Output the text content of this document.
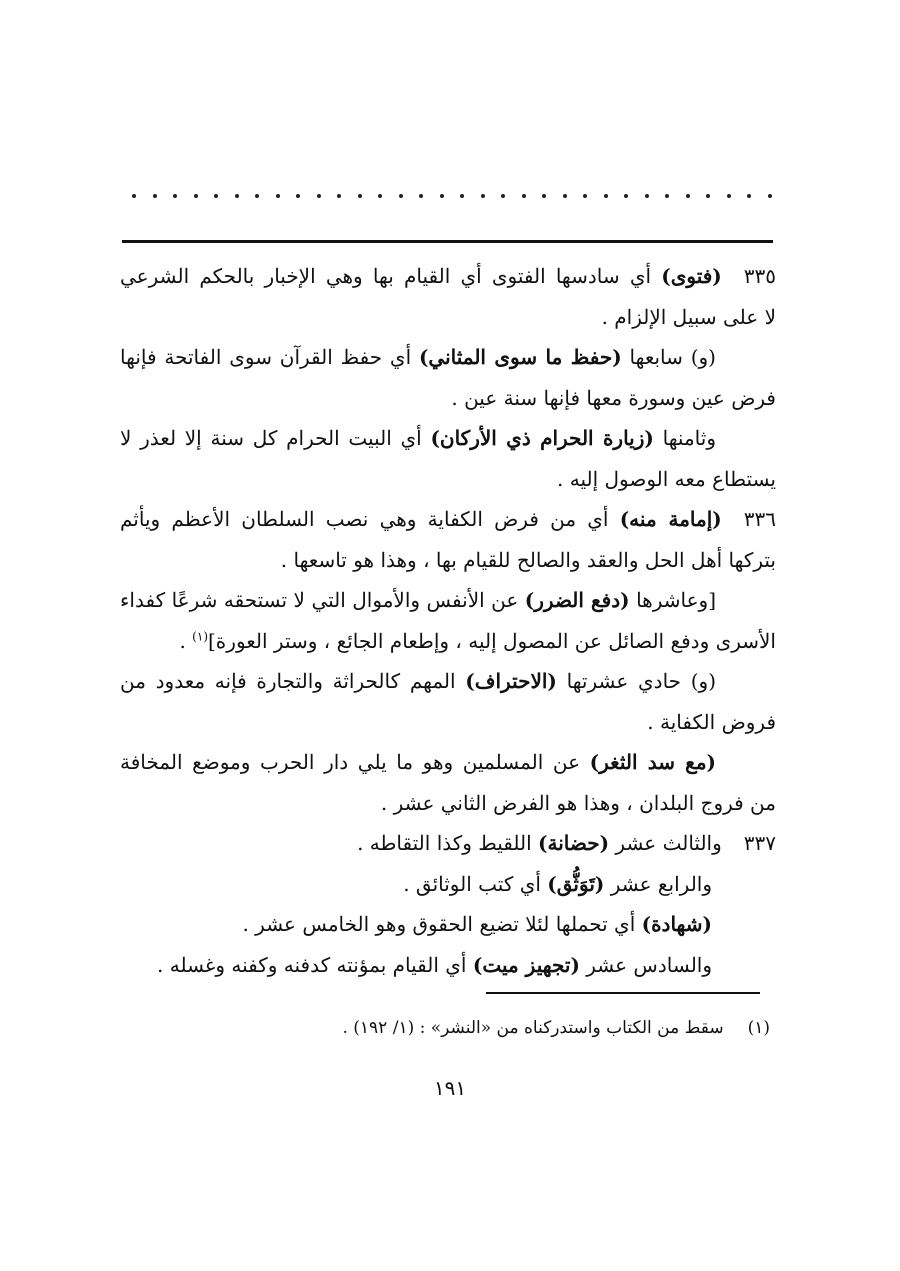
٣٣٥(فتوى) أي سادسها الفتوى أي القيام بها وهي الإخبار بالحكم الشرعي
لا على سبيل الإلزام .
(و) سابعها (حفظ ما سوى المثاني) أي حفظ القرآن سوى الفاتحة فإنها
فرض عين وسورة معها فإنها سنة عين .
وثامنها (زيارة الحرام ذي الأركان) أي البيت الحرام كل سنة إلا لعذر لا
يستطاع معه الوصول إليه .
٣٣٦(إمامة منه) أي من فرض الكفاية وهي نصب السلطان الأعظم ويأثم
بتركها أهل الحل والعقد والصالح للقيام بها ، وهذا هو تاسعها .
[وعاشرها (دفع الضرر) عن الأنفس والأموال التي لا تستحقه شرعًا كفداء
الأسرى ودفع الصائل عن المصول إليه ، وإطعام الجائع ، وستر العورة]$^{(١)}$ .
(و) حادي عشرتها (الاحتراف) المهم كالحراثة والتجارة فإنه معدود من
فروض الكفاية .
(مع سد الثغر) عن المسلمين وهو ما يلي دار الحرب وموضع المخافة
من فروج البلدان ، وهذا هو الفرض الثاني عشر .
٣٣٧والثالث عشر (حضانة) اللقيط وكذا التقاطه .
والرابع عشر (تَوَثُّق) أي كتب الوثائق .
(شهادة) أي تحملها لئلا تضيع الحقوق وهو الخامس عشر .
والسادس عشر (تجهيز ميت) أي القيام بمؤنته كدفنه وكفنه وغسله .
(١)سقط من الكتاب واستدركناه من «النشر» : (١/ ١٩٢) .
١٩١
